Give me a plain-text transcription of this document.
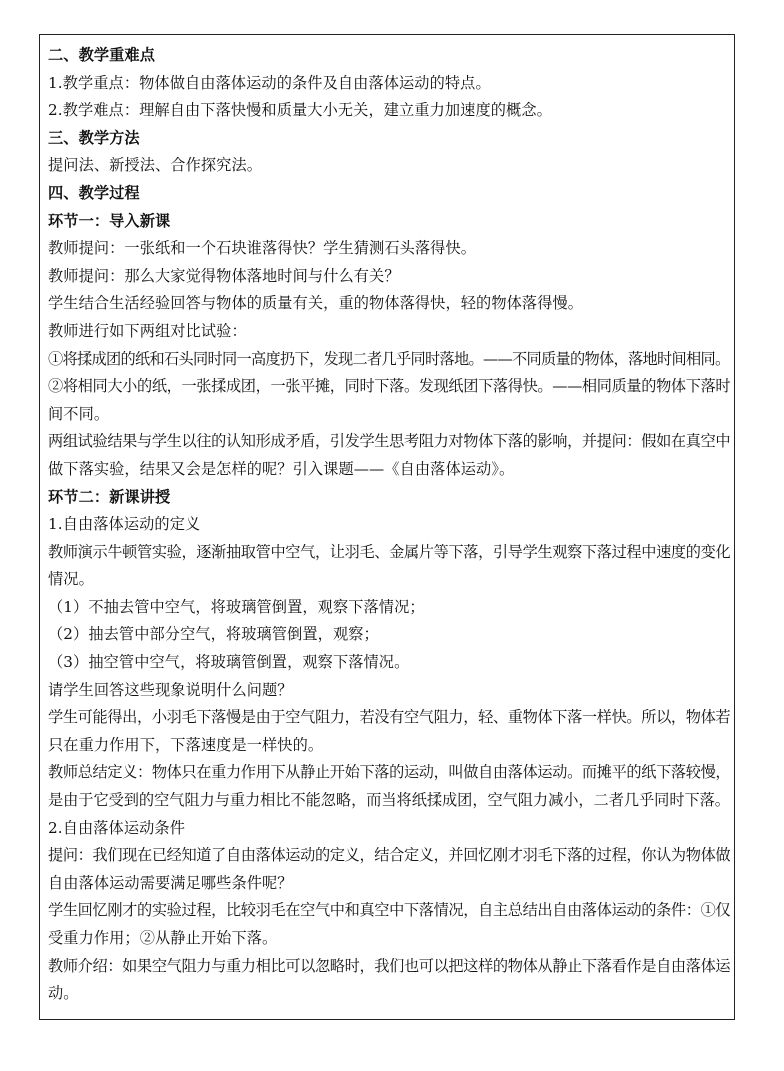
二、教学重难点
1.教学重点：物体做自由落体运动的条件及自由落体运动的特点。
2.教学难点：理解自由下落快慢和质量大小无关，建立重力加速度的概念。
三、教学方法
提问法、新授法、合作探究法。
四、教学过程
环节一：导入新课
教师提问：一张纸和一个石块谁落得快？学生猜测石头落得快。
教师提问：那么大家觉得物体落地时间与什么有关？
学生结合生活经验回答与物体的质量有关，重的物体落得快，轻的物体落得慢。
教师进行如下两组对比试验：
①将揉成团的纸和石头同时同一高度扔下，发现二者几乎同时落地。——不同质量的物体，落地时间相同。
②将相同大小的纸，一张揉成团，一张平摊，同时下落。发现纸团下落得快。——相同质量的物体下落时
间不同。
两组试验结果与学生以往的认知形成矛盾，引发学生思考阻力对物体下落的影响，并提问：假如在真空中
做下落实验，结果又会是怎样的呢？引入课题——《自由落体运动》。
环节二：新课讲授
1.自由落体运动的定义
教师演示牛顿管实验，逐渐抽取管中空气，让羽毛、金属片等下落，引导学生观察下落过程中速度的变化
情况。
（1）不抽去管中空气，将玻璃管倒置，观察下落情况；
（2）抽去管中部分空气，将玻璃管倒置，观察；
（3）抽空管中空气，将玻璃管倒置，观察下落情况。
请学生回答这些现象说明什么问题？
学生可能得出，小羽毛下落慢是由于空气阻力，若没有空气阻力，轻、重物体下落一样快。所以，物体若
只在重力作用下，下落速度是一样快的。
教师总结定义：物体只在重力作用下从静止开始下落的运动，叫做自由落体运动。而摊平的纸下落较慢，
是由于它受到的空气阻力与重力相比不能忽略，而当将纸揉成团，空气阻力减小，二者几乎同时下落。
2.自由落体运动条件
提问：我们现在已经知道了自由落体运动的定义，结合定义，并回忆刚才羽毛下落的过程，你认为物体做
自由落体运动需要满足哪些条件呢？
学生回忆刚才的实验过程，比较羽毛在空气中和真空中下落情况，自主总结出自由落体运动的条件：①仅
受重力作用；②从静止开始下落。
教师介绍：如果空气阻力与重力相比可以忽略时，我们也可以把这样的物体从静止下落看作是自由落体运
动。
